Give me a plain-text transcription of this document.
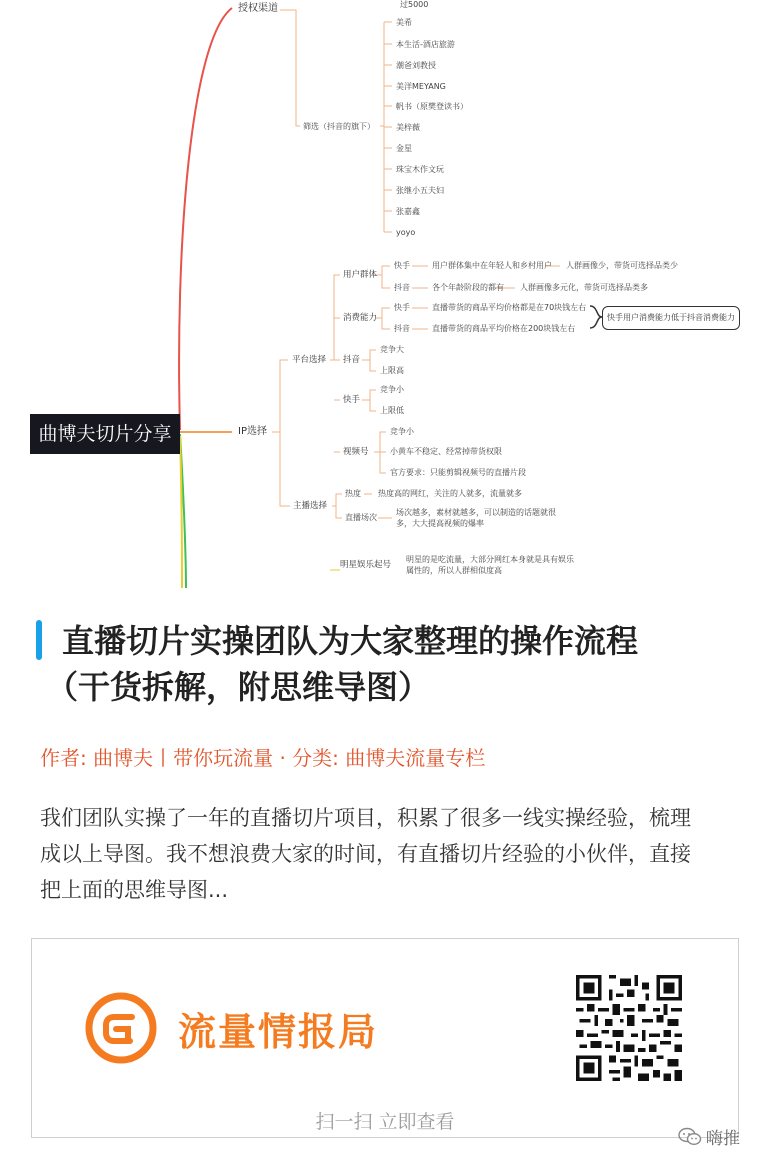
曲博夫切片分享
过5000
授权渠道
筛选（抖音的旗下）
美希
本生活-酒店旅游
潮爸刘教授
美洋MEYANG
帆书（原樊登读书）
美梓薇
金星
珠宝木作文玩
张继小五夫妇
张嘉鑫
yoyo
IP选择
平台选择
用户群体
快手	用户群体集中在年轻人和乡村用户 人群画像少，带货可选择品类少
抖音	各个年龄阶段的都有 人群画像多元化，带货可选择品类多
消费能力
快手	直播带货的商品平均价格都是在70块钱左右
抖音	直播带货的商品平均价格在200块钱左右
快手用户消费能力低于抖音消费能力
抖音
竞争大
上限高
快手
竞争小
上限低
视频号
竞争小
小黄车不稳定、经常掉带货权限
官方要求：只能剪辑视频号的直播片段
主播选择
热度 热度高的网红，关注的人就多，流量就多
直播场次
场次越多，素材就越多，可以制造的话题就很
多，大大提高视频的爆率
明星娱乐起号
明星的是吃流量，大部分网红本身就是具有娱乐
属性的，所以人群相似度高
直播切片实操团队为大家整理的操作流程
（干货拆解，附思维导图）
作者: 曲博夫丨带你玩流量 · 分类: 曲博夫流量专栏
我们团队实操了一年的直播切片项目，积累了很多一线实操经验，梳理成以上导图。我不想浪费大家的时间，有直播切片经验的小伙伴，直接把上面的思维导图...
流量情报局
扫一扫 立即查看
嗨推
